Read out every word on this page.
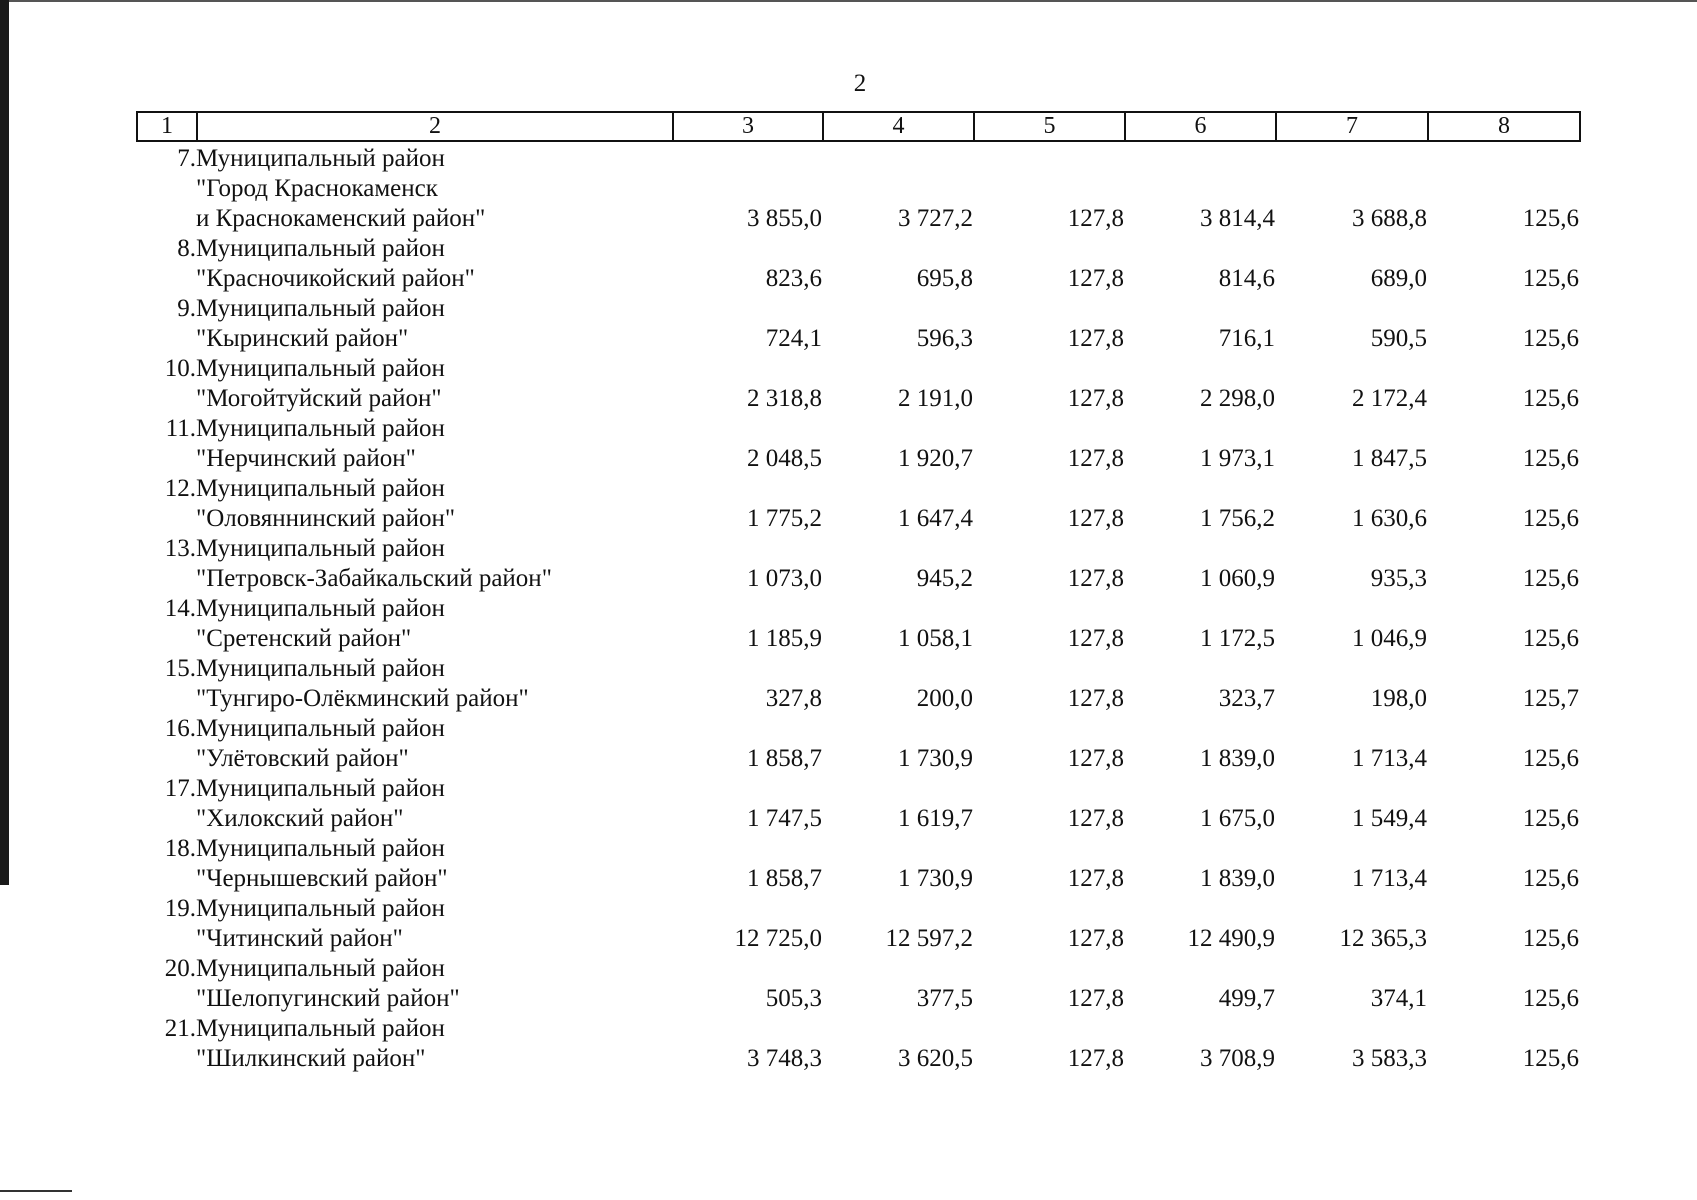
2
1	2	3	4	5	6	7	8
7.	Муниципальный район						
	"Город Краснокаменск						
	и Краснокаменский район"	3 855,0	3 727,2	127,8	3 814,4	3 688,8	125,6
8.	Муниципальный район						
	"Красночикойский район"	823,6	695,8	127,8	814,6	689,0	125,6
9.	Муниципальный район						
	"Кыринский район"	724,1	596,3	127,8	716,1	590,5	125,6
10.	Муниципальный район						
	"Могойтуйский район"	2 318,8	2 191,0	127,8	2 298,0	2 172,4	125,6
11.	Муниципальный район						
	"Нерчинский район"	2 048,5	1 920,7	127,8	1 973,1	1 847,5	125,6
12.	Муниципальный район						
	"Оловяннинский район"	1 775,2	1 647,4	127,8	1 756,2	1 630,6	125,6
13.	Муниципальный район						
	"Петровск-Забайкальский район"	1 073,0	945,2	127,8	1 060,9	935,3	125,6
14.	Муниципальный район						
	"Сретенский район"	1 185,9	1 058,1	127,8	1 172,5	1 046,9	125,6
15.	Муниципальный район						
	"Тунгиро-Олёкминский район"	327,8	200,0	127,8	323,7	198,0	125,7
16.	Муниципальный район						
	"Улётовский район"	1 858,7	1 730,9	127,8	1 839,0	1 713,4	125,6
17.	Муниципальный район						
	"Хилокский район"	1 747,5	1 619,7	127,8	1 675,0	1 549,4	125,6
18.	Муниципальный район						
	"Чернышевский район"	1 858,7	1 730,9	127,8	1 839,0	1 713,4	125,6
19.	Муниципальный район						
	"Читинский район"	12 725,0	12 597,2	127,8	12 490,9	12 365,3	125,6
20.	Муниципальный район						
	"Шелопугинский район"	505,3	377,5	127,8	499,7	374,1	125,6
21.	Муниципальный район						
	"Шилкинский район"	3 748,3	3 620,5	127,8	3 708,9	3 583,3	125,6
